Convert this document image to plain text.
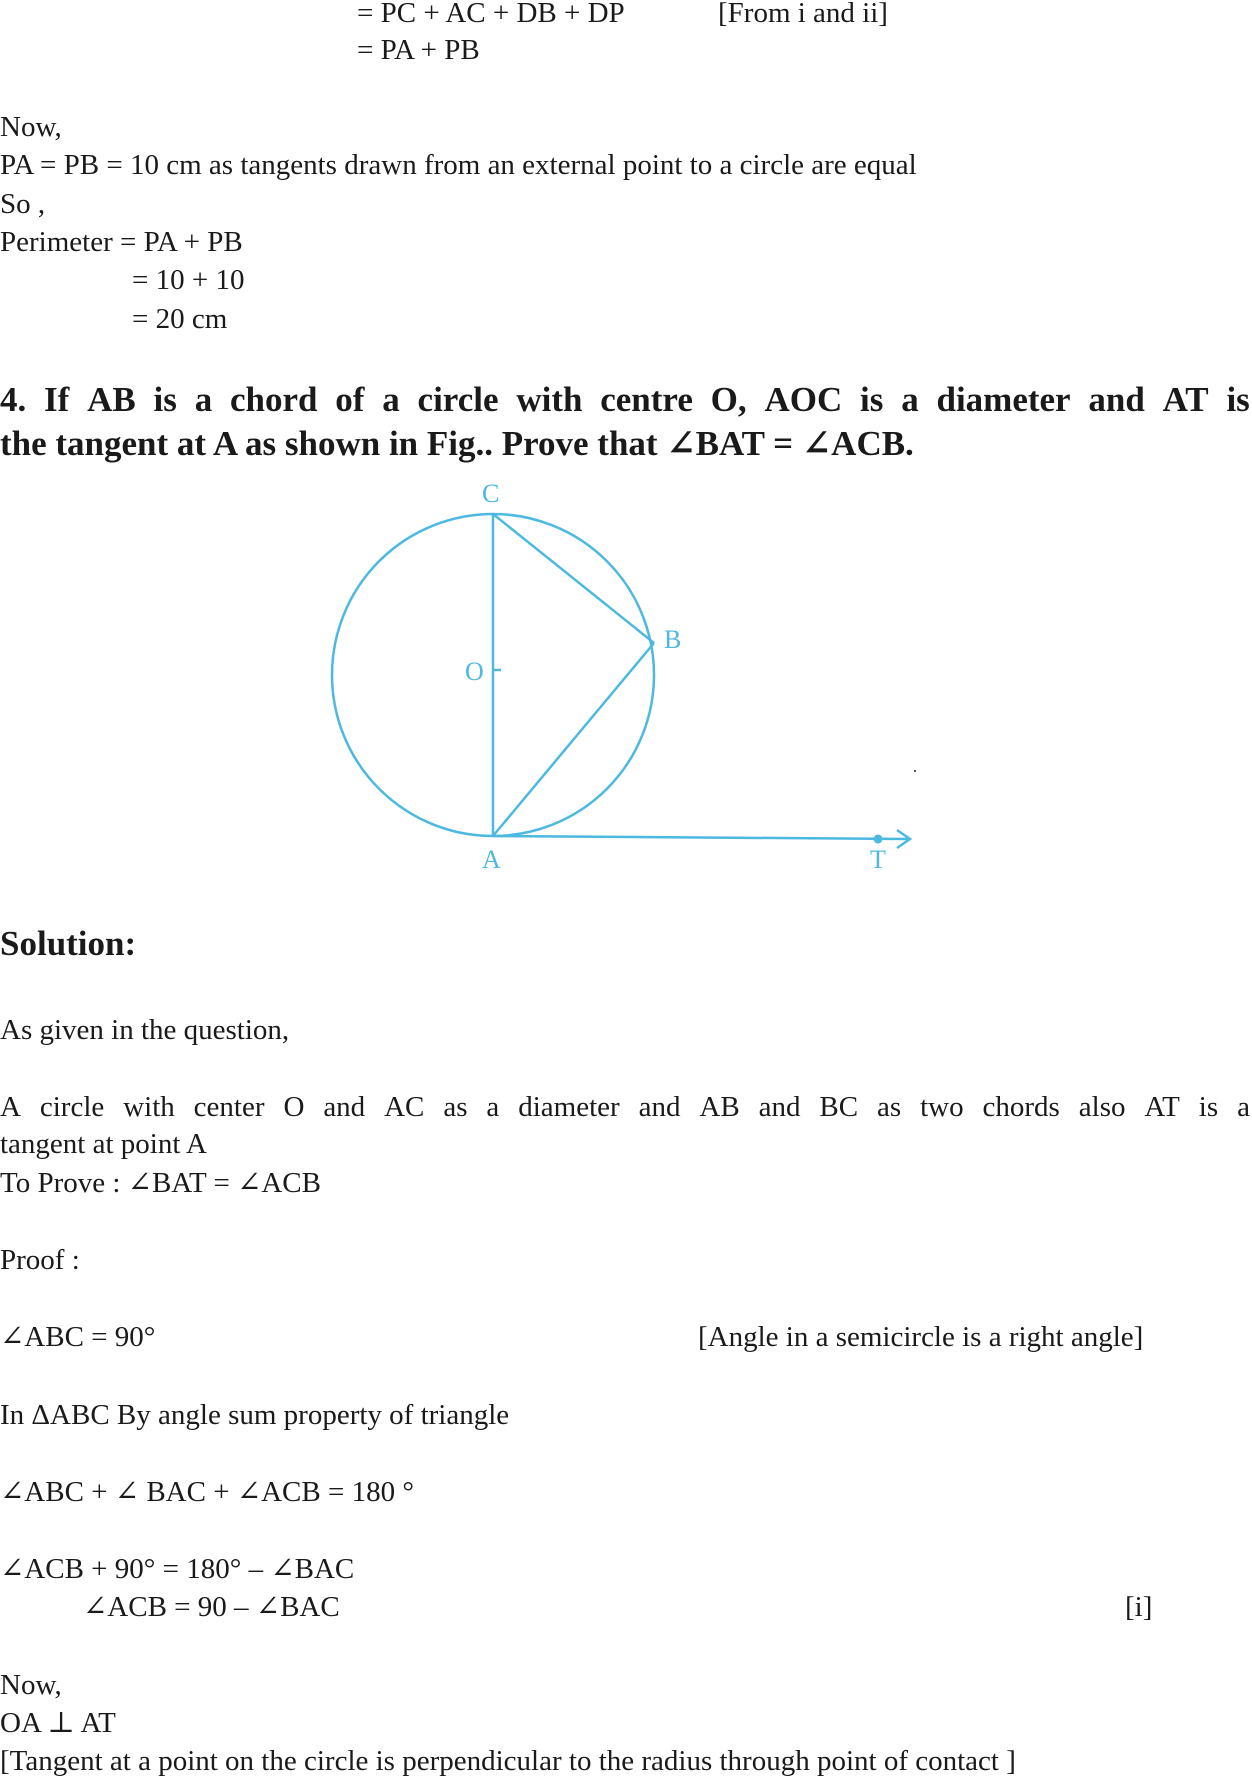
= PC + AC + DB + DP	[From i and ii]
= PA + PB
Now,
PA = PB = 10 cm as tangents drawn from an external point to a circle are equal
So ,
Perimeter = PA + PB
= 10 + 10
= 20 cm
4. If AB is a chord of a circle with centre O, AOC is a diameter and AT is
the tangent at A as shown in Fig.. Prove that ∠BAT = ∠ACB.
C
B
O
A	T
Solution:
As given in the question,
A circle with center O and AC as a diameter and AB and BC as two chords also AT is a
tangent at point A
To Prove : ∠BAT = ∠ACB
Proof :
∠ABC = 90°	[Angle in a semicircle is a right angle]
In ΔABC By angle sum property of triangle
∠ABC + ∠ BAC + ∠ACB = 180 °
∠ACB + 90° = 180° – ∠BAC
∠ACB = 90 – ∠BAC	[i]
Now,
OA ⊥ AT
[Tangent at a point on the circle is perpendicular to the radius through point of contact ]
